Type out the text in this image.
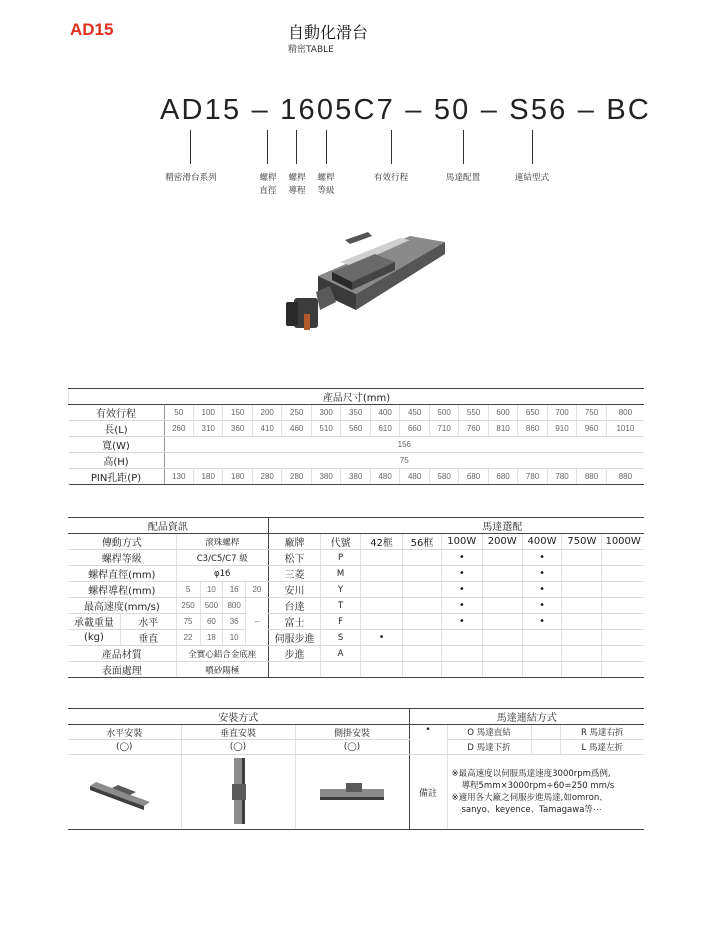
AD15	自動化滑台
精密TABLE
AD15 – 1605C7 – 50 – S56 – BC
精密滑台系列	螺桿
直徑
螺桿
導程
螺桿
等級
有效行程	馬達配置	連結型式
產品尺寸(mm)																
有效行程	50	100	150	200	250	300	350	400	450	500	550	600	650	700	750	800
長(L)	260	310	360	410	460	510	560	610	660	710	760	810	860	910	960	1010
寬(W)	156															
高(H)	75															
PIN孔距(P)	130	180	180	280	280	380	380	480	480	580	680	680	780	780	880	880
配品資訊								馬達選配						
傳動方式		滾珠螺桿				廠牌	代號	42框	56框	100W	200W	400W	750W	1000W
螺桿等級		C3/C5/C7 級				松下	P			•		•		
螺桿直徑(mm)		φ16				三菱	M			•		•		
螺桿導程(mm)		5	10	16	20	安川	Y			•		•		
最高速度(mm/s)		250	500	800	–	台達	T			•		•		
承載重量	水平	75	60	36		富士	F			•		•		
(kg)	垂直	22	18	10		伺服步進	S	•						
產品材質		全實心鋁合金底座				步進	A							
表面處理		噴砂陽極												
安裝方式			馬達連結方式			
水平安裝	垂直安裝	側掛安裝	•	O 馬達直結		R 馬達右折
(◯)	(◯)	(◯)		D 馬達下折		L 馬達左折
			備註	※最高速度以伺服馬達速度3000rpm爲例,
導程5mm×3000rpm÷60=250 mm/s
※適用各大廠之伺服步進馬達,如omron、
sanyo、keyence、Tamagawa等⋯		
